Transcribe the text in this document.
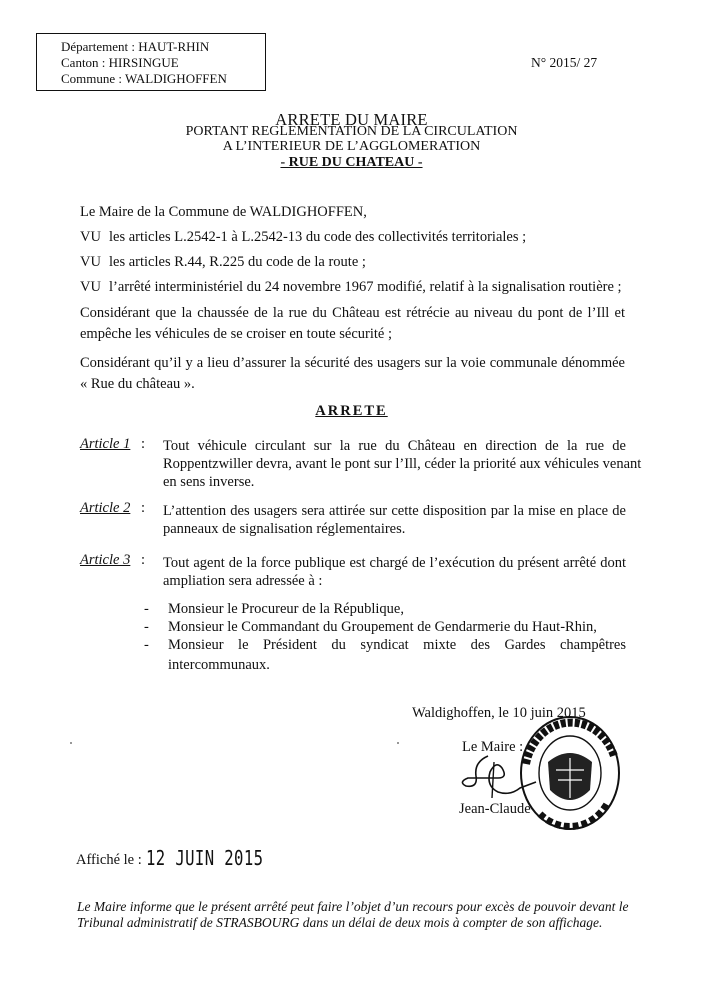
Département : HAUT-RHIN
Canton : HIRSINGUE
Commune : WALDIGHOFFEN
N° 2015/ 27
ARRETE DU MAIRE
PORTANT REGLEMENTATION DE LA CIRCULATION
A L’INTERIEUR DE L’AGGLOMERATION
- RUE DU CHATEAU -
Le Maire de la Commune de WALDIGHOFFEN,
VU les articles L.2542-1 à L.2542-13 du code des collectivités territoriales ;
VU les articles R.44, R.225 du code de la route ;
VU l’arrêté interministériel du 24 novembre 1967 modifié, relatif à la signalisation routière ;
Considérant que la chaussée de la rue du Château est rétrécie au niveau du pont de l’Ill et
empêche les véhicules de se croiser en toute sécurité ;
Considérant qu’il y a lieu d’assurer la sécurité des usagers sur la voie communale dénommée
« Rue du château ».
ARRETE
Article 1 : Tout véhicule circulant sur la rue du Château en direction de la rue de
Roppentzwiller devra, avant le pont sur l’Ill, céder la priorité aux véhicules venant
en sens inverse.
Article 2 : L’attention des usagers sera attirée sur cette disposition par la mise en place de
panneaux de signalisation réglementaires.
Article 3 : Tout agent de la force publique est chargé de l’exécution du présent arrêté dont
ampliation sera adressée à :
- Monsieur le Procureur de la République,
- Monsieur le Commandant du Groupement de Gendarmerie du Haut-Rhin,
- Monsieur le Président du syndicat mixte des Gardes champêtres
intercommunaux.
Waldighoffen, le 10 juin 2015
Le Maire :
Jean-Claude
Affiché le : 12 JUIN 2015
Le Maire informe que le présent arrêté peut faire l’objet d’un recours pour excès de pouvoir devant le
Tribunal administratif de STRASBOURG dans un délai de deux mois à compter de son affichage.
